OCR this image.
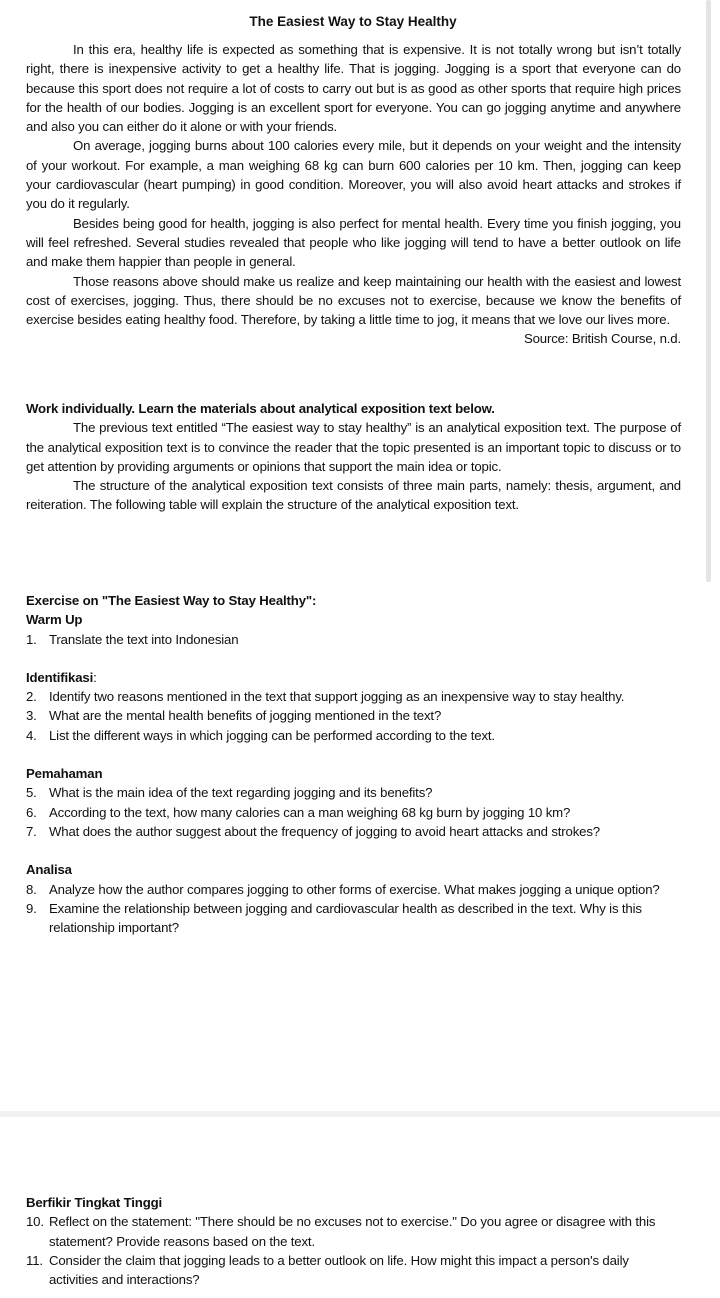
The Easiest Way to Stay Healthy

In this era, healthy life is expected as something that is expensive. It is not totally wrong but isn’t totally right, there is inexpensive activity to get a healthy life. That is jogging. Jogging is a sport that everyone can do because this sport does not require a lot of costs to carry out but is as good as other sports that require high prices for the health of our bodies. Jogging is an excellent sport for everyone. You can go jogging anytime and anywhere and also you can either do it alone or with your friends.

On average, jogging burns about 100 calories every mile, but it depends on your weight and the intensity of your workout. For example, a man weighing 68 kg can burn 600 calories per 10 km. Then, jogging can keep your cardiovascular (heart pumping) in good condition. Moreover, you will also avoid heart attacks and strokes if you do it regularly.

Besides being good for health, jogging is also perfect for mental health. Every time you finish jogging, you will feel refreshed. Several studies revealed that people who like jogging will tend to have a better outlook on life and make them happier than people in general.

Those reasons above should make us realize and keep maintaining our health with the easiest and lowest cost of exercises, jogging. Thus, there should be no excuses not to exercise, because we know the benefits of exercise besides eating healthy food. Therefore, by taking a little time to jog, it means that we love our lives more.

Source: British Course, n.d.

Work individually. Learn the materials about analytical exposition text below.

The previous text entitled “The easiest way to stay healthy” is an analytical exposition text. The purpose of the analytical exposition text is to convince the reader that the topic presented is an important topic to discuss or to get attention by providing arguments or opinions that support the main idea or topic.

The structure of the analytical exposition text consists of three main parts, namely: thesis, argument, and reiteration. The following table will explain the structure of the analytical exposition text.

Exercise on "The Easiest Way to Stay Healthy":

Warm Up

1. Translate the text into Indonesian

Identifikasi:

2. Identify two reasons mentioned in the text that support jogging as an inexpensive way to stay healthy.
3. What are the mental health benefits of jogging mentioned in the text?
4. List the different ways in which jogging can be performed according to the text.

Pemahaman

5. What is the main idea of the text regarding jogging and its benefits?
6. According to the text, how many calories can a man weighing 68 kg burn by jogging 10 km?
7. What does the author suggest about the frequency of jogging to avoid heart attacks and strokes?

Analisa

8. Analyze how the author compares jogging to other forms of exercise. What makes jogging a unique option?
9. Examine the relationship between jogging and cardiovascular health as described in the text. Why is this relationship important?

Berfikir Tingkat Tinggi

10. Reflect on the statement: "There should be no excuses not to exercise." Do you agree or disagree with this statement? Provide reasons based on the text.
11. Consider the claim that jogging leads to a better outlook on life. How might this impact a person's daily activities and interactions?
